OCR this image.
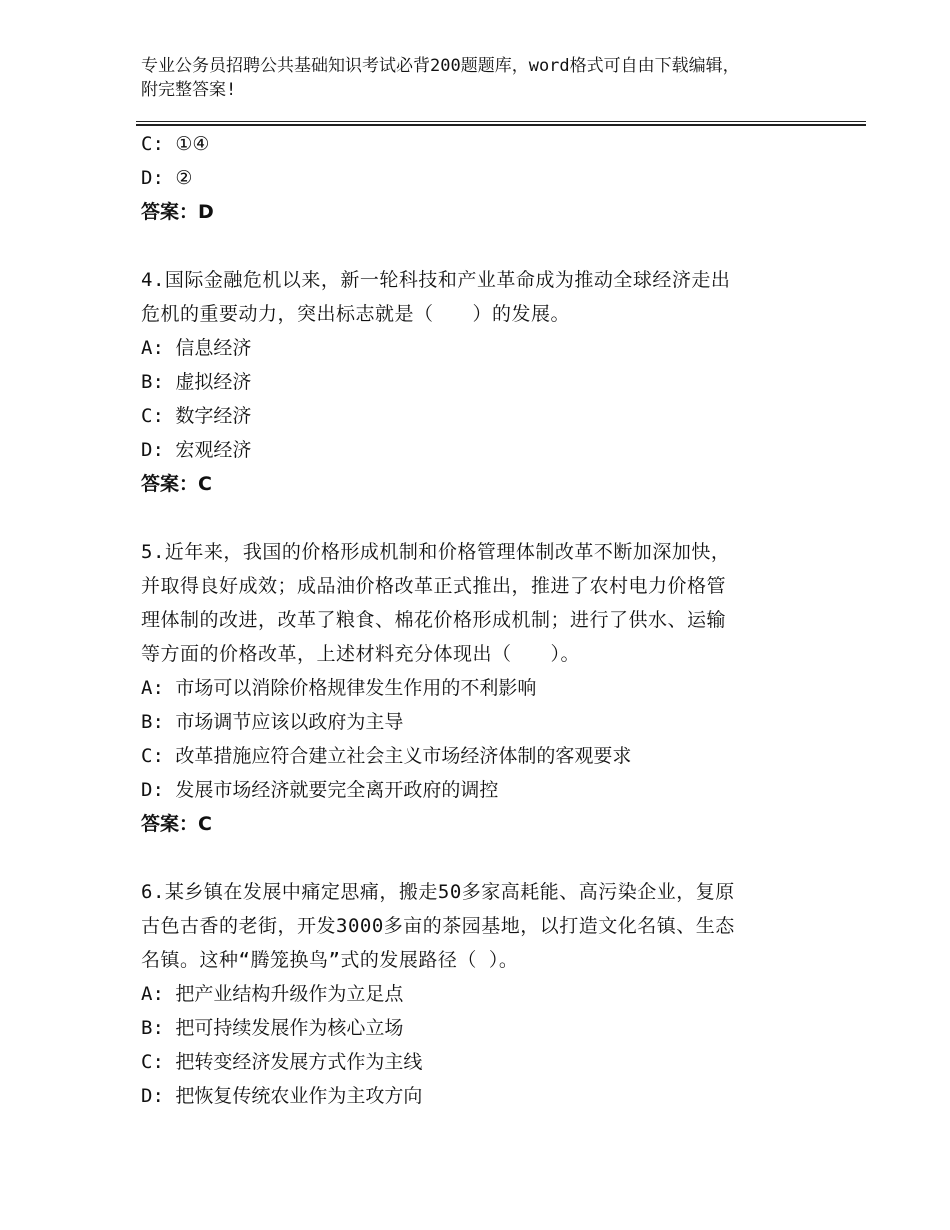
专业公务员招聘公共基础知识考试必背200题题库，word格式可自由下载编辑，
附完整答案!
C: ①④
D: ②
答案：D
4.国际金融危机以来，新一轮科技和产业革命成为推动全球经济走出
危机的重要动力，突出标志就是（　　）的发展。
A: 信息经济
B: 虚拟经济
C: 数字经济
D: 宏观经济
答案：C
5.近年来，我国的价格形成机制和价格管理体制改革不断加深加快，
并取得良好成效；成品油价格改革正式推出，推进了农村电力价格管
理体制的改进，改革了粮食、棉花价格形成机制；进行了供水、运输
等方面的价格改革，上述材料充分体现出（　　）。
A: 市场可以消除价格规律发生作用的不利影响
B: 市场调节应该以政府为主导
C: 改革措施应符合建立社会主义市场经济体制的客观要求
D: 发展市场经济就要完全离开政府的调控
答案：C
6.某乡镇在发展中痛定思痛，搬走50多家高耗能、高污染企业，复原
古色古香的老街，开发3000多亩的茶园基地，以打造文化名镇、生态
名镇。这种“腾笼换鸟”式的发展路径（ ）。
A: 把产业结构升级作为立足点
B: 把可持续发展作为核心立场
C: 把转变经济发展方式作为主线
D: 把恢复传统农业作为主攻方向
